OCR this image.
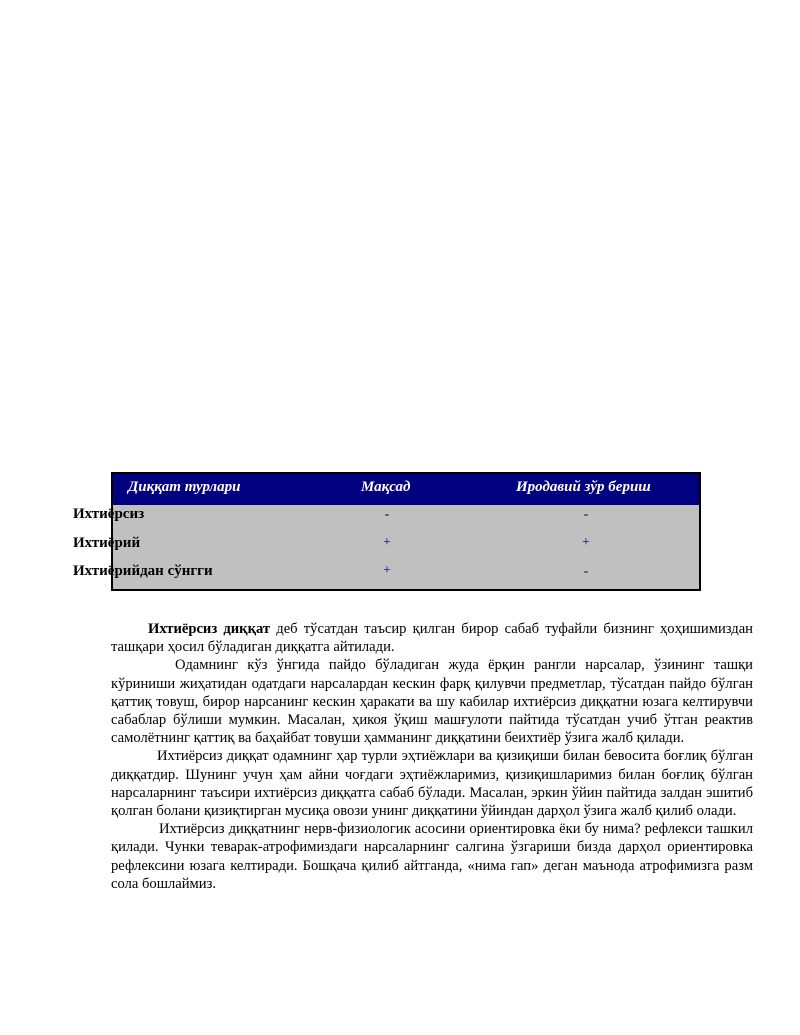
Диққат турлари	Мақсад	Иродавий зўр бериш
Ихтиёрсиз	-	-
Ихтиёрий	+	+
Ихтиёрийдан сўнгги	+	-

Ихтиёрсиз диққат деб тўсатдан таъсир қилган бирор сабаб туфайли бизнинг ҳоҳишимиздан ташқари ҳосил бўладиган диққатга айтилади.

Одамнинг кўз ўнгида пайдо бўладиган жуда ёрқин рангли нарсалар, ўзининг ташқи кўриниши жиҳатидан одатдаги нарсалардан кескин фарқ қилувчи предметлар, тўсатдан пайдо бўлган қаттиқ товуш, бирор нарсанинг кескин ҳаракати ва шу кабилар ихтиёрсиз диққатни юзага келтирувчи сабаблар бўлиши мумкин. Масалан, ҳикоя ўқиш машғулоти пайтида тўсатдан учиб ўтган реактив самолётнинг қаттиқ ва баҳайбат товуши ҳамманинг диққатини беихтиёр ўзига жалб қилади.

Ихтиёрсиз диққат одамнинг ҳар турли эҳтиёжлари ва қизиқиши билан бевосита боғлиқ бўлган диққатдир. Шунинг учун ҳам айни чоғдаги эҳтиёжларимиз, қизиқишларимиз билан боғлиқ бўлган нарсаларнинг таъсири ихтиёрсиз диққатга сабаб бўлади. Масалан, эркин ўйин пайтида залдан эшитиб қолган болани қизиқтирган мусиқа овози унинг диққатини ўйиндан дарҳол ўзига жалб қилиб олади.

Ихтиёрсиз диққатнинг нерв-физиологик асосини ориентировка ёки бу нима? рефлекси ташкил қилади. Чунки теварак-атрофимиздаги нарсаларнинг салгина ўзгариши бизда дарҳол ориентировка рефлексини юзага келтиради. Бошқача қилиб айтганда, «нима гап» деган маънода атрофимизга разм сола бошлаймиз.
